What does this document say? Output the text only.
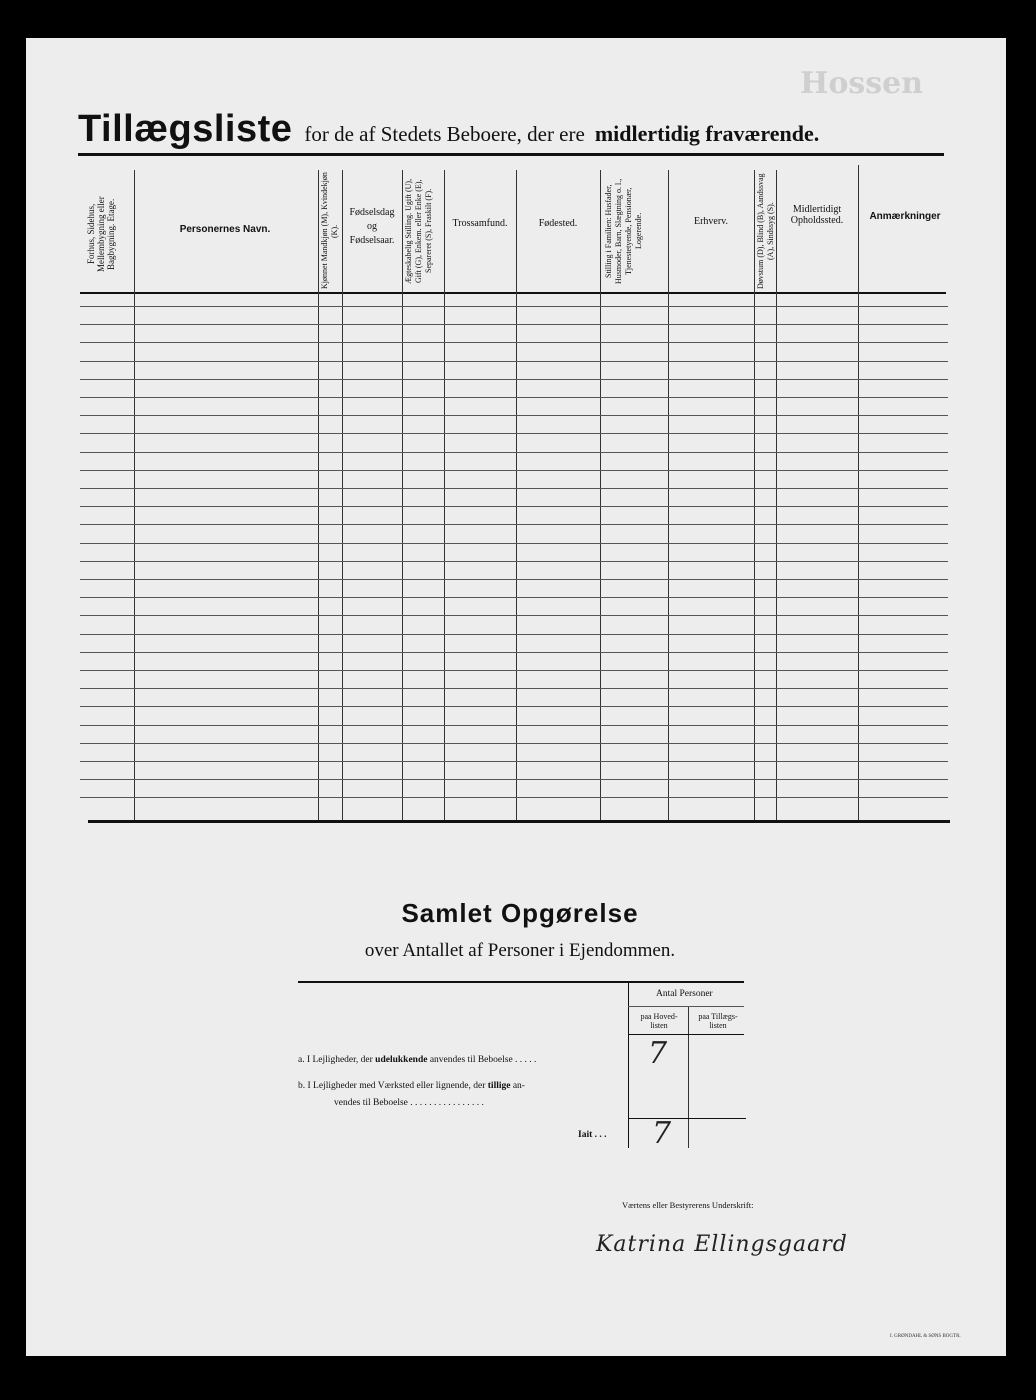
Hossen
Tillægsliste for de af Stedets Beboere, der ere midlertidig fraværende.
Forhus, Sidehus, Mellembygning eller Bagbygning. Etage.	Personernes Navn.	Kjønnet Mandkjøn (M), Kvindekjøn (K).
Fødselsdag og Fødselsaar.	Ægteskabelig Stilling. Ugift (U), Gift (G), Enkem. eller Enke (E), Separeret (S), Fraskilt (F).	Trossamfund.	Fødested.	Stilling i Familien: Husfader, Husmoder, Barn, Slægtning o. l., Tjenestetyende, Pensionær, Logerende.	Erhverv.	Døvstum (D), Blind (B), Aandssvag (A), Sindssyg (S).	Midlertidigt Opholdssted.	Anmærkninger
Samlet Opgørelse
over Antallet af Personer i Ejendommen.
Antal Personer
paa Hoved-listen
paa Tillægs-listen
a. I Lejligheder, der udelukkende anvendes til Beboelse . . . . .	7
b. I Lejligheder med Værksted eller lignende, der tillige an-
vendes til Beboelse . . . . . . . . . . . . . . . .
Iait . . . 7
Værtens eller Bestyrerens Underskrift:
Katrina Ellingsgaard
I. GRØNDAHL & SØNS BOGTR.
